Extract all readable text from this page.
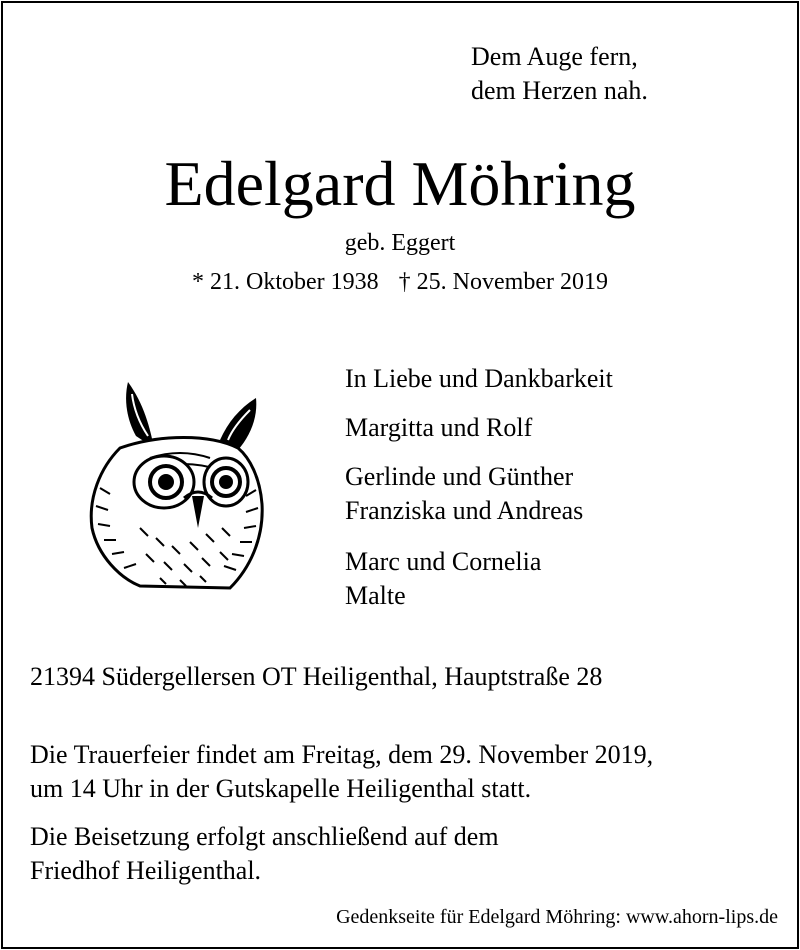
Dem Auge fern,
dem Herzen nah.
Edelgard Möhring
geb. Eggert
* 21. Oktober 1938 † 25. November 2019
In Liebe und Dankbarkeit
Margitta und Rolf
Gerlinde und Günther
Franziska und Andreas
Marc und Cornelia
Malte
21394 Südergellersen OT Heiligenthal, Hauptstraße 28
Die Trauerfeier findet am Freitag, dem 29. November 2019,
um 14 Uhr in der Gutskapelle Heiligenthal statt.
Die Beisetzung erfolgt anschließend auf dem
Friedhof Heiligenthal.
Gedenkseite für Edelgard Möhring: www.ahorn-lips.de
